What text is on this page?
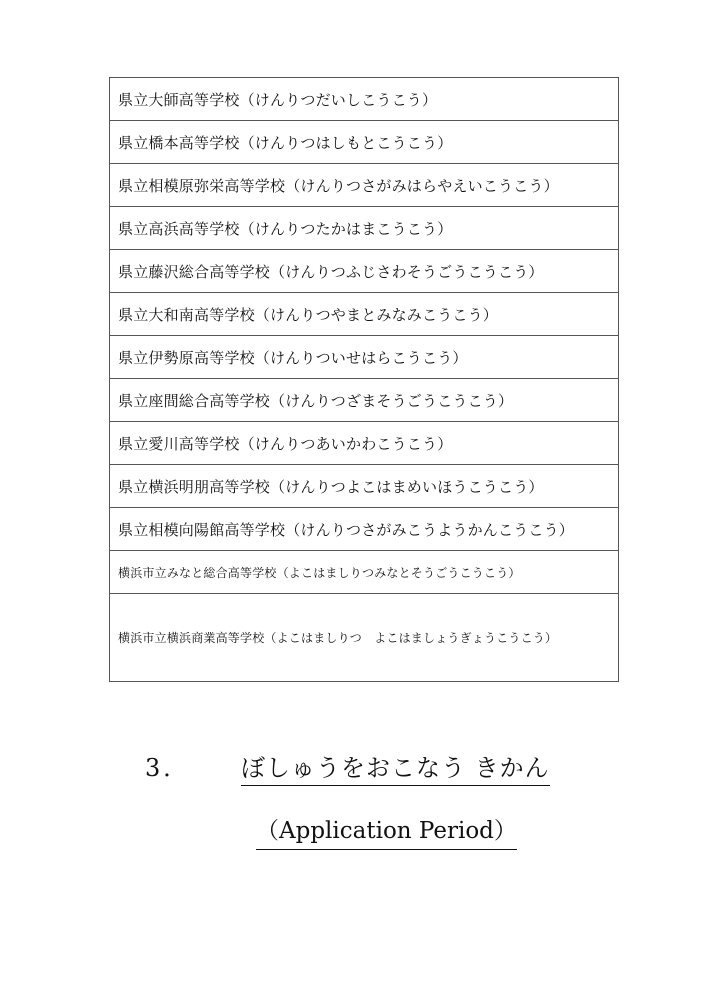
県立大師高等学校（けんりつだいしこうこう）
県立橋本高等学校（けんりつはしもとこうこう）
県立相模原弥栄高等学校（けんりつさがみはらやえいこうこう）
県立高浜高等学校（けんりつたかはまこうこう）
県立藤沢総合高等学校（けんりつふじさわそうごうこうこう）
県立大和南高等学校（けんりつやまとみなみこうこう）
県立伊勢原高等学校（けんりついせはらこうこう）
県立座間総合高等学校（けんりつざまそうごうこうこう）
県立愛川高等学校（けんりつあいかわこうこう）
県立横浜明朋高等学校（けんりつよこはまめいほうこうこう）
県立相模向陽館高等学校（けんりつさがみこうようかんこうこう）
横浜市立みなと総合高等学校（よこはましりつみなとそうごうこうこう）
横浜市立横浜商業高等学校（よこはましりつ　よこはましょうぎょうこうこう）
3． ぼしゅうをおこなう きかん
（Application Period）
